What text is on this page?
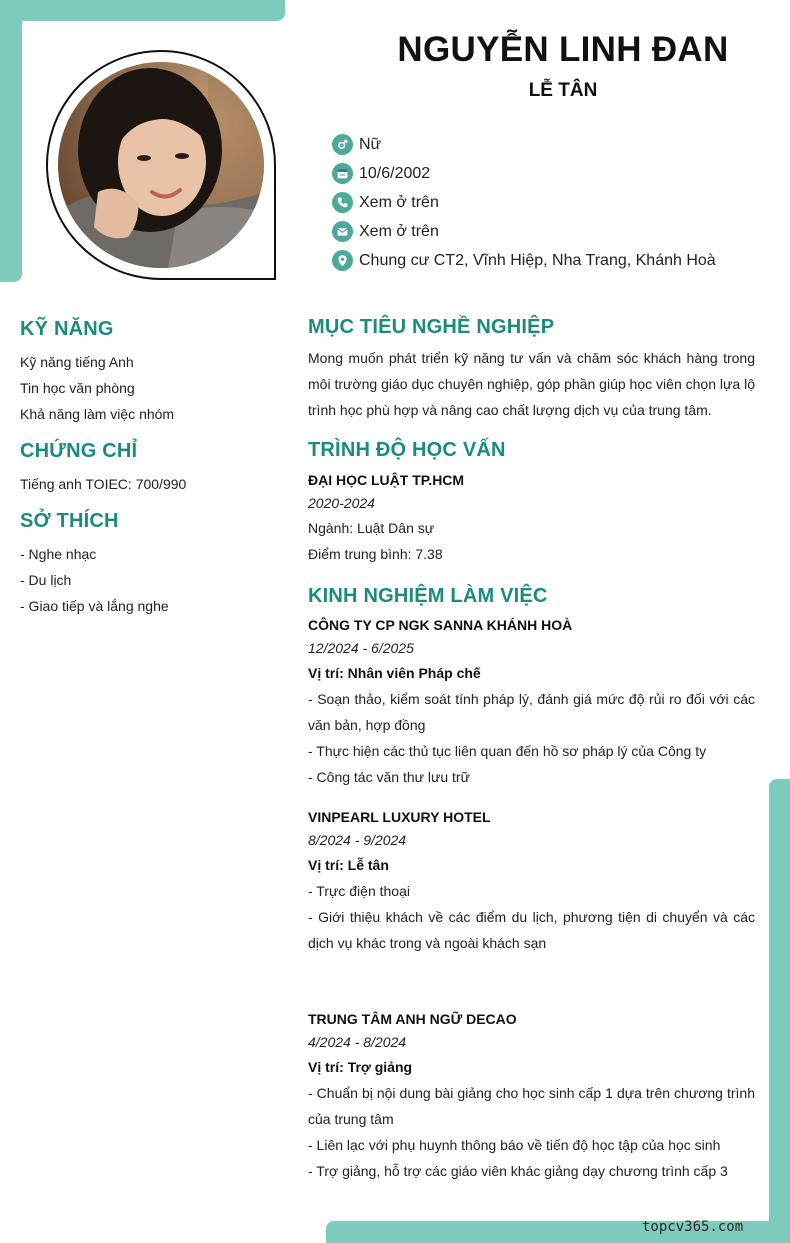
NGUYỄN LINH ĐAN
LỄ TÂN
Nữ
10/6/2002
Xem ở trên
Xem ở trên
Chung cư CT2, Vĩnh Hiệp, Nha Trang, Khánh Hoà
KỸ NĂNG
Kỹ năng tiếng Anh
Tin học văn phòng
Khả năng làm việc nhóm
CHỨNG CHỈ
Tiếng anh TOIEC: 700/990
SỞ THÍCH
- Nghe nhạc
- Du lịch
- Giao tiếp và lắng nghe
MỤC TIÊU NGHỀ NGHIỆP
Mong muốn phát triển kỹ năng tư vấn và chăm sóc khách hàng trong môi trường giáo dục chuyên nghiệp, góp phần giúp học viên chọn lựa lộ trình học phù hợp và nâng cao chất lượng dịch vụ của trung tâm.
TRÌNH ĐỘ HỌC VẤN
ĐẠI HỌC LUẬT TP.HCM
2020-2024
Ngành: Luật Dân sự
Điểm trung bình: 7.38
KINH NGHIỆM LÀM VIỆC
CÔNG TY CP NGK SANNA KHÁNH HOÀ
12/2024 - 6/2025
Vị trí: Nhân viên Pháp chế
- Soạn thảo, kiểm soát tính pháp lý, đánh giá mức độ rủi ro đối với các văn bản, hợp đồng
- Thực hiện các thủ tục liên quan đến hồ sơ pháp lý của Công ty
- Công tác văn thư lưu trữ
VINPEARL LUXURY HOTEL
8/2024 - 9/2024
Vị trí: Lễ tân
- Trực điện thoại
- Giới thiệu khách về các điểm du lịch, phương tiện di chuyển và các dịch vụ khác trong và ngoài khách sạn
TRUNG TÂM ANH NGỮ DECAO
4/2024 - 8/2024
Vị trí: Trợ giảng
- Chuẩn bị nội dung bài giảng cho học sinh cấp 1 dựa trên chương trình của trung tâm
- Liên lạc với phụ huynh thông báo về tiến độ học tập của học sinh
- Trợ giảng, hỗ trợ các giáo viên khác giảng dạy chương trình cấp 3
topcv365.com
